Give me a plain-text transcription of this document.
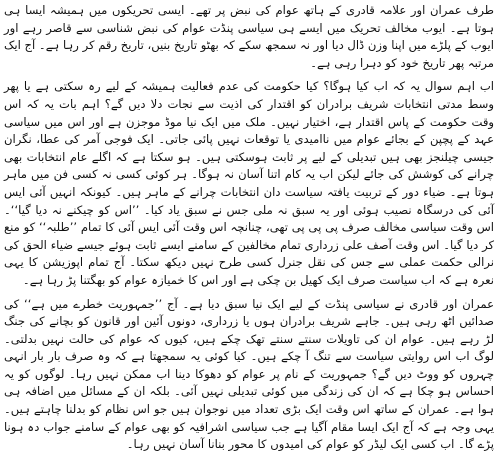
طرف عمران اور علامہ قادری کے ہاتھ عوام کی نبض پر تھے۔ ایسی تحریکوں میں ہمیشہ ایسا ہی ہوتا ہے۔ ایوب مخالف تحریک میں ایسے ہی سیاسی پنڈت عوام کی نبض شناسی سے قاصر رہے اور ایوب کے پلڑے میں اپنا وزن ڈال دیا اور نہ سمجھ سکے کہ بھٹو تاریخ بنیں، تاریخ رقم کر رہا ہے۔ آج ایک مرتبہ پھر تاریخ خود کو دہرا رہی ہے۔

اب اہم سوال یہ کہ اب کیا ہوگا؟ کیا حکومت کی عدم فعالیت ہمیشہ کے لیے رہ سکتی ہے یا پھر وسط مدتی انتخابات شریف برادران کو اقتدار کی اذیت سے نجات دلا دیں گے؟ اہم بات یہ کہ اس وقت حکومت کے پاس اقتدار ہے، اختیار نہیں۔ ملک میں ایک نیا موڈ موجزن ہے اور اس میں سیاسی عہد کے پچپن کے بجائے عوام میں ناامیدی یا توقعات نہیں پائی جاتی۔ ایک فوجی آمر کی عطا، نگران جیسی چیلنجز بھی ہیں تبدیلی کے لیے پر ثابت ہوسکتی ہیں۔ ہو سکتا ہے کہ اگلے عام انتخابات بھی چرانے کی کوشش کی جائے لیکن اب یہ کام اتنا آسان نہ ہوگا۔ ہر کوئی کسی نہ کسی فن میں ماہر ہوتا ہے۔ ضیاء دور کے تربیت یافتہ سیاست دان انتخابات چرانے کے ماہر ہیں۔ کیونکہ انہیں آئی ایس آئی کی درسگاہ نصیب ہوئی اور یہ سبق نہ ملی جس نے سبق یاد کیا۔ ’’اس کو چیکنے نہ دیا گیا‘‘۔ اس وقت سیاسی مخالف صرف پی پی پی تھی، چنانچہ اس وقت آئی ایس آئی کا تمام ’’طلبہ‘‘ کو منع کر دیا گیا۔ اس وقت آصف علی زرداری تمام مخالفین کے سامنے ایسے ثابت ہوئے جیسے ضیاء الحق کی نرالی حکمت عملی سے جس کی نقل جنرل کسی طرح نہیں دیکھ سکتا۔ آج تمام اپوزیشن کا یہی نعرہ ہے کہ اب سیاست صرف ایک کھیل بن چکی ہے اور اس کا خمیازہ عوام کو بھگتنا پڑ رہا ہے۔

عمران اور قادری نے سیاسی پنڈت کے لیے ایک نیا سبق دیا ہے۔ آج ’’جمہوریت خطرے میں ہے‘‘ کی صدائیں اٹھ رہی ہیں۔ جاہے شریف برادران ہوں یا زرداری، دونوں آئین اور قانون کو بچانے کی جنگ لڑ رہے ہیں۔ عوام ان کی تاویلات سنتے سنتے تھک چکے ہیں، کیوں کہ عوام کی حالت نہیں بدلتی۔ لوگ اب اس روایتی سیاست سے تنگ آ چکے ہیں۔ کیا کوئی یہ سمجھتا ہے کہ وہ صرف بار بار انہی چہروں کو ووٹ دیں گے؟ جمہوریت کے نام پر عوام کو دھوکا دینا اب ممکن نہیں رہا۔ لوگوں کو یہ احساس ہو چکا ہے کہ ان کی زندگی میں کوئی تبدیلی نہیں آئی۔ بلکہ ان کے مسائل میں اضافہ ہی ہوا ہے۔ عمران کے ساتھ اس وقت ایک بڑی تعداد میں نوجوان ہیں جو اس نظام کو بدلنا چاہتے ہیں۔ یہی وجہ ہے کہ آج ایک ایسا مقام آگیا ہے جب سیاسی اشرافیہ کو بھی عوام کے سامنے جواب دہ ہونا پڑے گا۔ اب کسی ایک لیڈر کو عوام کی امیدوں کا محور بنانا آسان نہیں رہا۔
